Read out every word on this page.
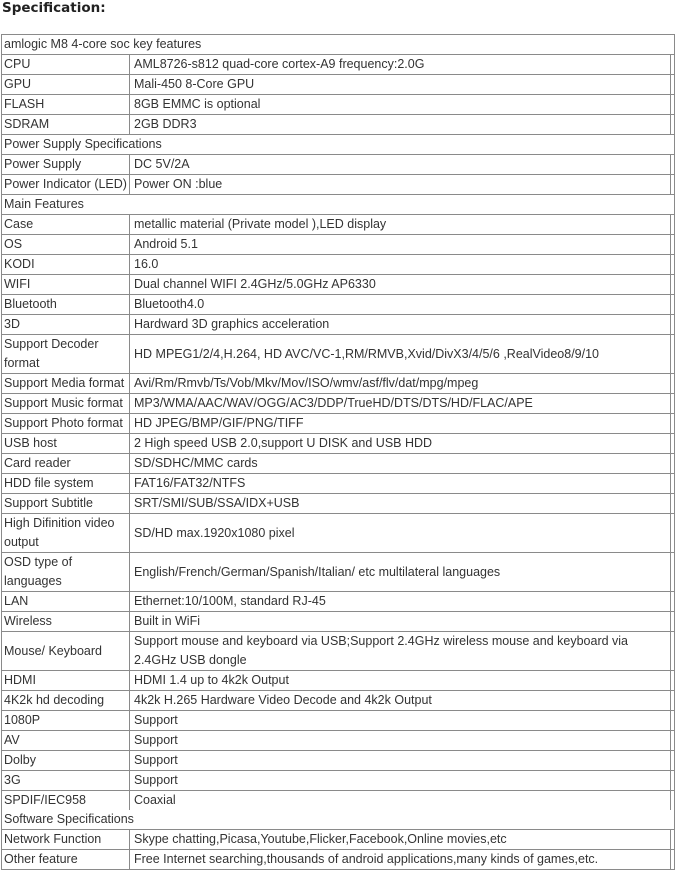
Specification:
amlogic M8 4-core soc key features		
CPU	AML8726-s812 quad-core cortex-A9 frequency:2.0G	
GPU	Mali-450 8-Core GPU	
FLASH	8GB EMMC is optional	
SDRAM	2GB DDR3	
Power Supply Specifications		
Power Supply	DC 5V/2A	
Power Indicator (LED)	Power ON :blue	
Main Features		
Case	metallic material (Private model ),LED display	
OS	Android 5.1	
KODI	16.0	
WIFI	Dual channel WIFI 2.4GHz/5.0GHz AP6330	
Bluetooth	Bluetooth4.0	
3D	Hardward 3D graphics acceleration	
Support Decoder format	HD MPEG1/2/4,H.264, HD AVC/VC-1,RM/RMVB,Xvid/DivX3/4/5/6 ,RealVideo8/9/10	
Support Media format	Avi/Rm/Rmvb/Ts/Vob/Mkv/Mov/ISO/wmv/asf/flv/dat/mpg/mpeg	
Support Music format	MP3/WMA/AAC/WAV/OGG/AC3/DDP/TrueHD/DTS/DTS/HD/FLAC/APE	
Support Photo format	HD JPEG/BMP/GIF/PNG/TIFF	
USB host	2 High speed USB 2.0,support U DISK and USB HDD	
Card reader	SD/SDHC/MMC cards	
HDD file system	FAT16/FAT32/NTFS	
Support Subtitle	SRT/SMI/SUB/SSA/IDX+USB	
High Difinition video output	SD/HD max.1920x1080 pixel	
OSD type of languages	English/French/German/Spanish/Italian/ etc multilateral languages	
LAN	Ethernet:10/100M, standard RJ-45	
Wireless	Built in WiFi	
Mouse/ Keyboard	Support mouse and keyboard via USB;Support 2.4GHz wireless mouse and keyboard via 2.4GHz USB dongle	
HDMI	HDMI 1.4 up to 4k2k Output	
4K2k hd decoding	4k2k H.265 Hardware Video Decode and 4k2k Output	
1080P	Support	
AV	Support	
Dolby	Support	
3G	Support	
SPDIF/IEC958	Coaxial	
Software Specifications		
Network Function	Skype chatting,Picasa,Youtube,Flicker,Facebook,Online movies,etc	
Other feature	Free Internet searching,thousands of android applications,many kinds of games,etc.	
